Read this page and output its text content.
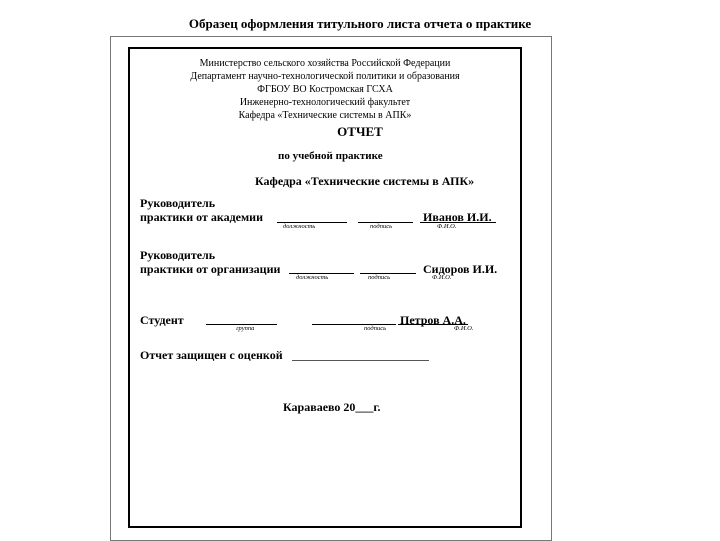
Образец оформления титульного листа отчета о практике
Министерство сельского хозяйства Российской Федерации
Департамент научно-технологической политики и образования
ФГБОУ ВО Костромская ГСХА
Инженерно-технологический факультет
Кафедра «Технические системы в АПК»
ОТЧЕТ
по учебной практике
Кафедра «Технические системы в АПК»
Руководитель
практики от академии	Иванов И.И.
должность	подпись	Ф.И.О.
Руководитель
практики от организации	Сидоров И.И.
должность	подпись	Ф.И.О.
Студент	Петров А.А.
группа	подпись	Ф.И.О.
Отчет защищен с оценкой
Караваево 20___г.
